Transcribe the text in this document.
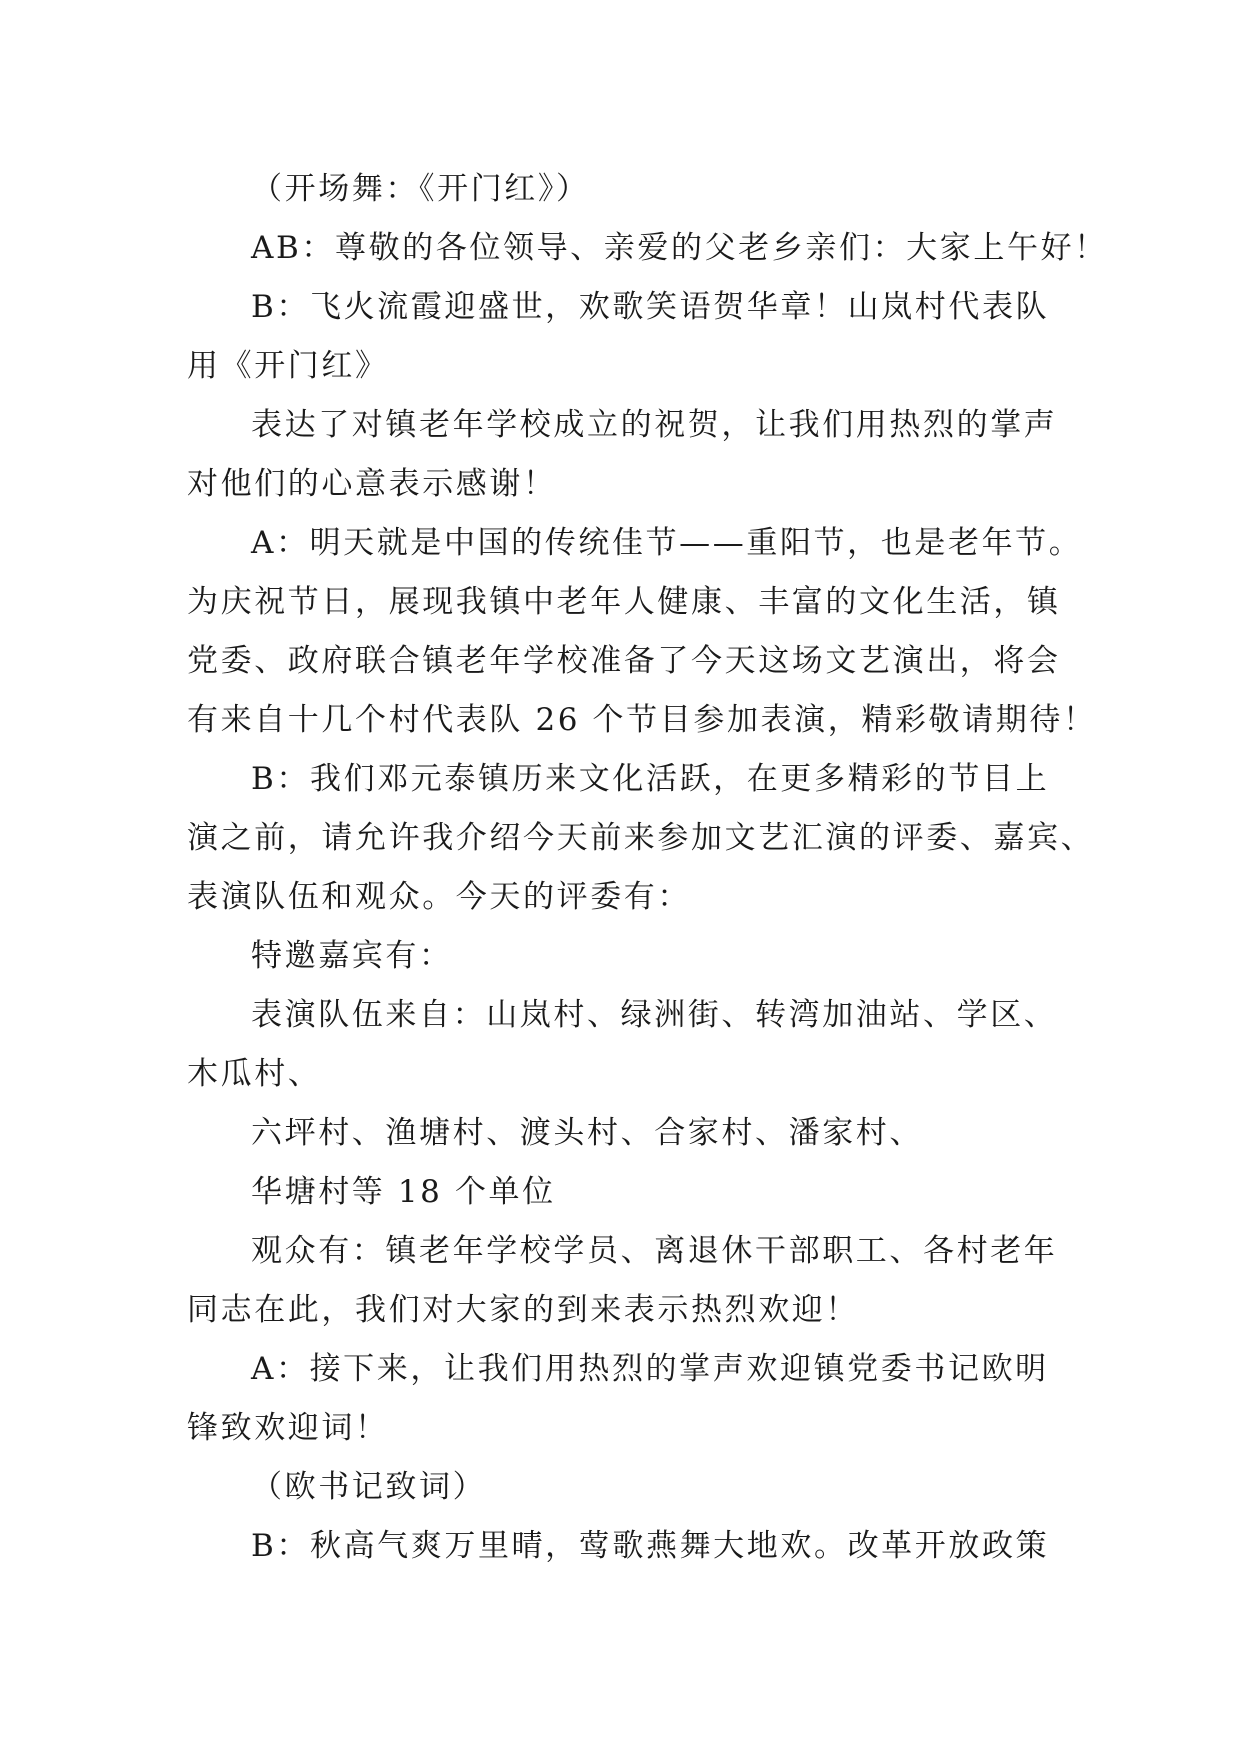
（开场舞：《开门红》）
AB：尊敬的各位领导、亲爱的父老乡亲们：大家上午好！
B：飞火流霞迎盛世，欢歌笑语贺华章！山岚村代表队
用《开门红》
表达了对镇老年学校成立的祝贺，让我们用热烈的掌声
对他们的心意表示感谢！
A：明天就是中国的传统佳节——重阳节，也是老年节。
为庆祝节日，展现我镇中老年人健康、丰富的文化生活，镇
党委、政府联合镇老年学校准备了今天这场文艺演出，将会
有来自十几个村代表队 26 个节目参加表演，精彩敬请期待！
B：我们邓元泰镇历来文化活跃，在更多精彩的节目上
演之前，请允许我介绍今天前来参加文艺汇演的评委、嘉宾、
表演队伍和观众。今天的评委有：
特邀嘉宾有：
表演队伍来自：山岚村、绿洲街、转湾加油站、学区、
木瓜村、
六坪村、渔塘村、渡头村、合家村、潘家村、
华塘村等 18 个单位
观众有：镇老年学校学员、离退休干部职工、各村老年
同志在此，我们对大家的到来表示热烈欢迎！
A：接下来，让我们用热烈的掌声欢迎镇党委书记欧明
锋致欢迎词！
（欧书记致词）
B：秋高气爽万里晴，莺歌燕舞大地欢。改革开放政策
